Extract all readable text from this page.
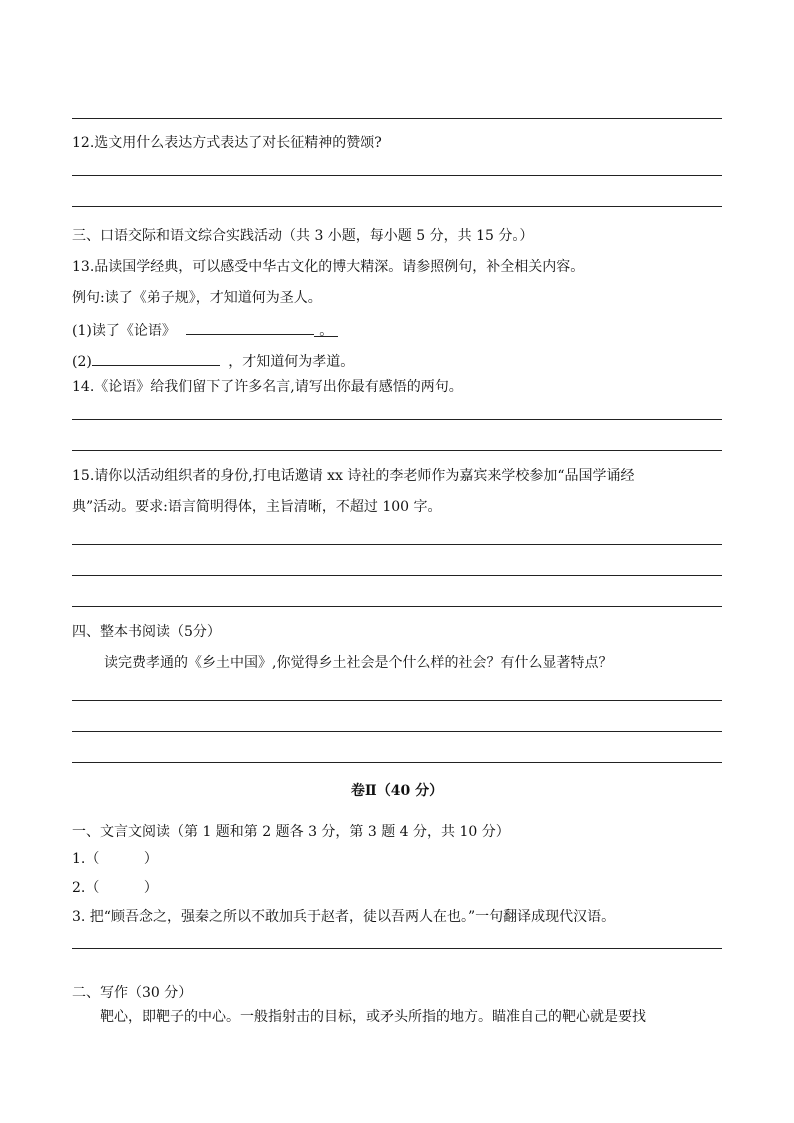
12.选文用什么表达方式表达了对长征精神的赞颂?
三、口语交际和语文综合实践活动（共 3 小题，每小题 5 分，共 15 分。）
13.品读国学经典，可以感受中华古文化的博大精深。请参照例句，补全相关内容。
例句:读了《弟子规》，才知道何为圣人。
(1)读了《论语》	。
(2)	，才知道何为孝道。
14.《论语》给我们留下了许多名言,请写出你最有感悟的两句。
15.请你以活动组织者的身份,打电话邀请 xx 诗社的李老师作为嘉宾来学校参加“品国学诵经
典”活动。要求:语言简明得体，主旨清晰，不超过 100 字。
四、整本书阅读（5分）
读完费孝通的《乡土中国》,你觉得乡土社会是个什么样的社会？有什么显著特点？
卷Ⅱ（40 分）
一、文言文阅读（第 1 题和第 2 题各 3 分，第 3 题 4 分，共 10 分）
1.（          ）
2.（          ）
3. 把“顾吾念之，强秦之所以不敢加兵于赵者，徒以吾两人在也。”一句翻译成现代汉语。
二、写作（30 分）
靶心，即靶子的中心。一般指射击的目标，或矛头所指的地方。瞄准自己的靶心就是要找
